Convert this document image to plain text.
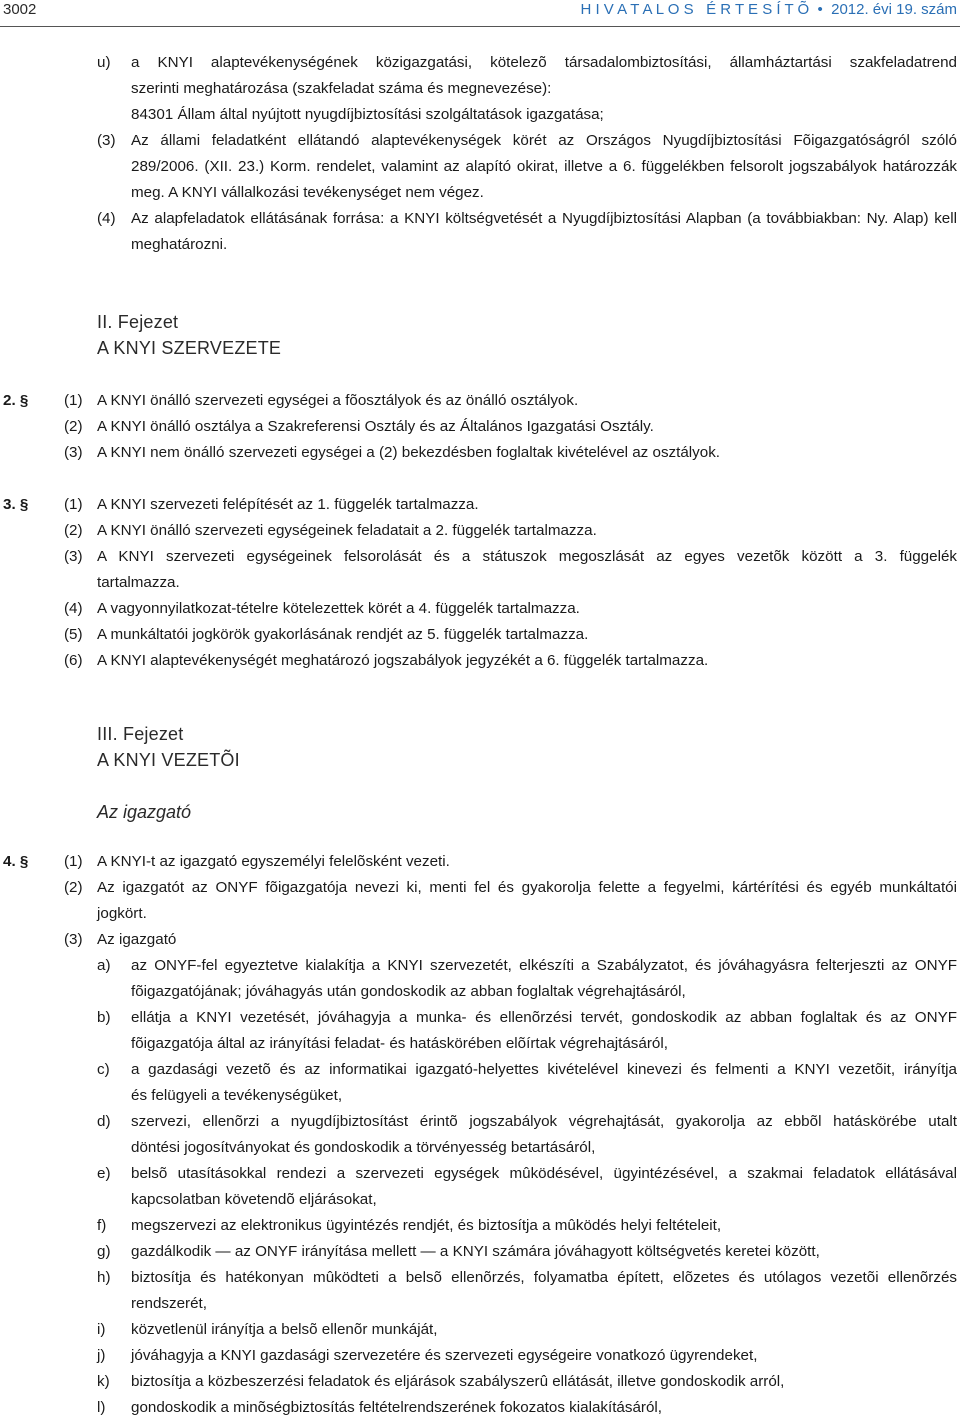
3002	H I V A T A L O S   É R T E S Í T Õ  •  2012. évi 19. szám
u) a KNYI alaptevékenységének közigazgatási, kötelezõ társadalombiztosítási, államháztartási szakfeladatrend
szerinti meghatározása (szakfeladat száma és megnevezése):
84301 Állam által nyújtott nyugdíjbiztosítási szolgáltatások igazgatása;
(3) Az állami feladatként ellátandó alaptevékenységek körét az Országos Nyugdíjbiztosítási Fõigazgatóságról szóló
289/2006. (XII. 23.) Korm. rendelet, valamint az alapító okirat, illetve a 6. függelékben felsorolt jogszabályok határozzák
meg. A KNYI vállalkozási tevékenységet nem végez.
(4) Az alapfeladatok ellátásának forrása: a KNYI költségvetését a Nyugdíjbiztosítási Alapban (a továbbiakban: Ny. Alap) kell
meghatározni.
II. Fejezet
A KNYI SZERVEZETE
2. § (1) A KNYI önálló szervezeti egységei a fõosztályok és az önálló osztályok.
(2) A KNYI önálló osztálya a Szakreferensi Osztály és az Általános Igazgatási Osztály.
(3) A KNYI nem önálló szervezeti egységei a (2) bekezdésben foglaltak kivételével az osztályok.
3. § (1) A KNYI szervezeti felépítését az 1. függelék tartalmazza.
(2) A KNYI önálló szervezeti egységeinek feladatait a 2. függelék tartalmazza.
(3) A KNYI szervezeti egységeinek felsorolását és a státuszok megoszlását az egyes vezetõk között a 3. függelék
tartalmazza.
(4) A vagyonnyilatkozat-tételre kötelezettek körét a 4. függelék tartalmazza.
(5) A munkáltatói jogkörök gyakorlásának rendjét az 5. függelék tartalmazza.
(6) A KNYI alaptevékenységét meghatározó jogszabályok jegyzékét a 6. függelék tartalmazza.
III. Fejezet
A KNYI VEZETÕI
Az igazgató
4. § (1) A KNYI-t az igazgató egyszemélyi felelõsként vezeti.
(2) Az igazgatót az ONYF fõigazgatója nevezi ki, menti fel és gyakorolja felette a fegyelmi, kártérítési és egyéb munkáltatói
jogkört.
(3) Az igazgató
a) az ONYF-fel egyeztetve kialakítja a KNYI szervezetét, elkészíti a Szabályzatot, és jóváhagyásra felterjeszti az ONYF
fõigazgatójának; jóváhagyás után gondoskodik az abban foglaltak végrehajtásáról,
b) ellátja a KNYI vezetését, jóváhagyja a munka- és ellenõrzési tervét, gondoskodik az abban foglaltak és az ONYF
fõigazgatója által az irányítási feladat- és hatáskörében elõírtak végrehajtásáról,
c) a gazdasági vezetõ és az informatikai igazgató-helyettes kivételével kinevezi és felmenti a KNYI vezetõit, irányítja
és felügyeli a tevékenységüket,
d) szervezi, ellenõrzi a nyugdíjbiztosítást érintõ jogszabályok végrehajtását, gyakorolja az ebbõl hatáskörébe utalt
döntési jogosítványokat és gondoskodik a törvényesség betartásáról,
e) belsõ utasításokkal rendezi a szervezeti egységek mûködésével, ügyintézésével, a szakmai feladatok ellátásával
kapcsolatban követendõ eljárásokat,
f) megszervezi az elektronikus ügyintézés rendjét, és biztosítja a mûködés helyi feltételeit,
g) gazdálkodik — az ONYF irányítása mellett — a KNYI számára jóváhagyott költségvetés keretei között,
h) biztosítja és hatékonyan mûködteti a belsõ ellenõrzés, folyamatba épített, elõzetes és utólagos vezetõi ellenõrzés
rendszerét,
i) közvetlenül irányítja a belsõ ellenõr munkáját,
j) jóváhagyja a KNYI gazdasági szervezetére és szervezeti egységeire vonatkozó ügyrendeket,
k) biztosítja a közbeszerzési feladatok és eljárások szabályszerû ellátását, illetve gondoskodik arról,
l) gondoskodik a minõségbiztosítás feltételrendszerének fokozatos kialakításáról,
